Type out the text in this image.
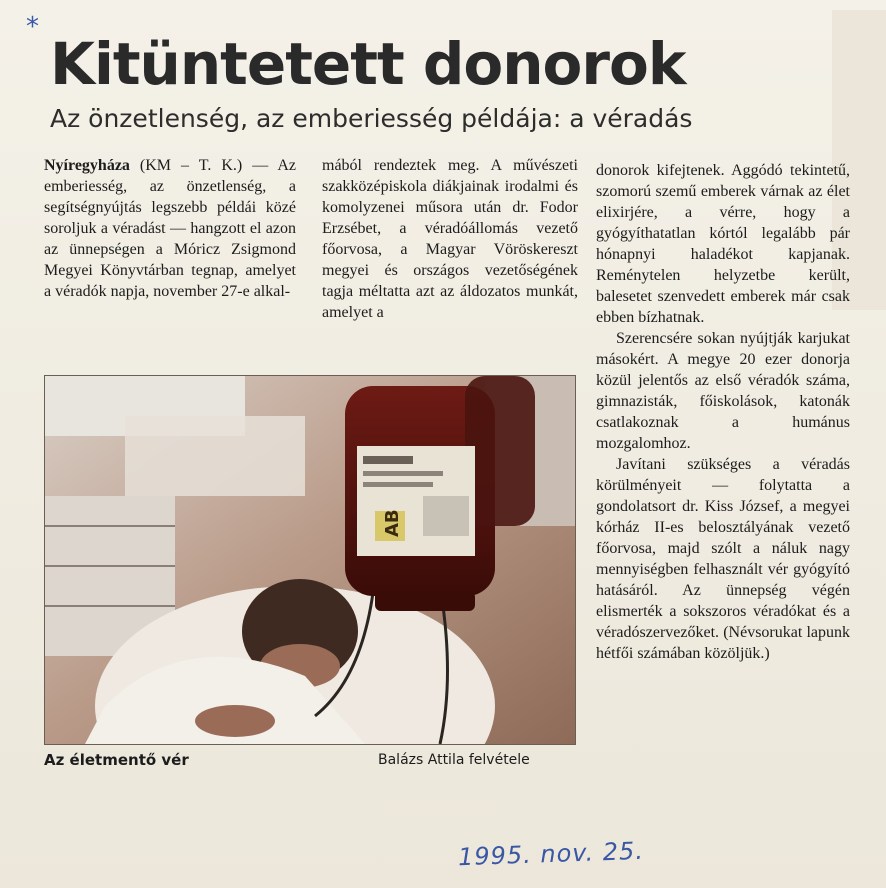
*
Kitüntetett donorok
Az önzetlenség, az emberiesség példája: a véradás

Nyíregyháza (KM – T. K.) — Az emberiesség, az önzetlenség, a segítségnyújtás legszebb példái közé soroljuk a véradást — hangzott el azon az ünnepségen a Móricz Zsigmond Megyei Könyvtárban tegnap, amelyet a véradók napja, november 27-e alkal-

mából rendeztek meg. A művészeti szakközépiskola diákjainak irodalmi és komolyzenei műsora után dr. Fodor Erzsébet, a véradóállomás vezető főorvosa, a Magyar Vöröskereszt megyei és országos vezetőségének tagja méltatta azt az áldozatos munkát, amelyet a

donorok kifejtenek. Aggódó tekintetű, szomorú szemű emberek várnak az élet elixirjére, a vérre, hogy a gyógyíthatatlan kórtól legalább pár hónapnyi haladékot kapjanak. Reménytelen helyzetbe került, balesetet szenvedett emberek már csak ebben bízhatnak.

Szerencsére sokan nyújtják karjukat másokért. A megye 20 ezer donorja közül jelentős az első véradók száma, gimnazisták, főiskolások, katonák csatlakoznak a humánus mozgalomhoz.

Javítani szükséges a véradás körülményeit — folytatta a gondolatsort dr. Kiss József, a megyei kórház II-es belosztályának vezető főorvosa, majd szólt a náluk nagy mennyiségben felhasznált vér gyógyító hatásáról. Az ünnepség végén elismerték a sokszoros véradókat és a véradószervezőket. (Névsorukat lapunk hétfői számában közöljük.)

AB
Az életmentő vér	Balázs Attila felvétele
1995. nov. 25.
